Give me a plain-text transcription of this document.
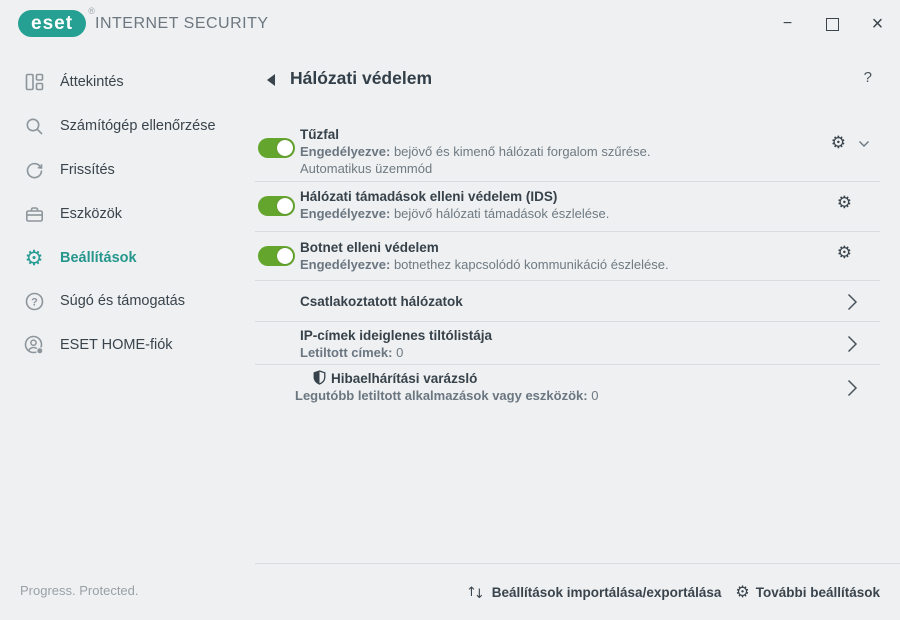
eset
®
INTERNET SECURITY	−	×
Áttekintés
Számítógép ellenőrzése
Frissítés
Eszközök
⚙ Beállítások
? Súgó és támogatás
ESET HOME-fiók
Progress. Protected.
Hálózati védelem	?
Tűzfal
Engedélyezve: bejövő és kimenő hálózati forgalom szűrése.
Automatikus üzemmód
⚙
Hálózati támadások elleni védelem (IDS)
Engedélyezve: bejövő hálózati támadások észlelése.
⚙
Botnet elleni védelem
Engedélyezve: botnethez kapcsolódó kommunikáció észlelése.
⚙
Csatlakoztatott hálózatok
IP-címek ideiglenes tiltólistája
Letiltott címek: 0
Hibaelhárítási varázsló
Legutóbb letiltott alkalmazások vagy eszközök: 0
↑↓ Beállítások importálása/exportálása ⚙ További beállítások
